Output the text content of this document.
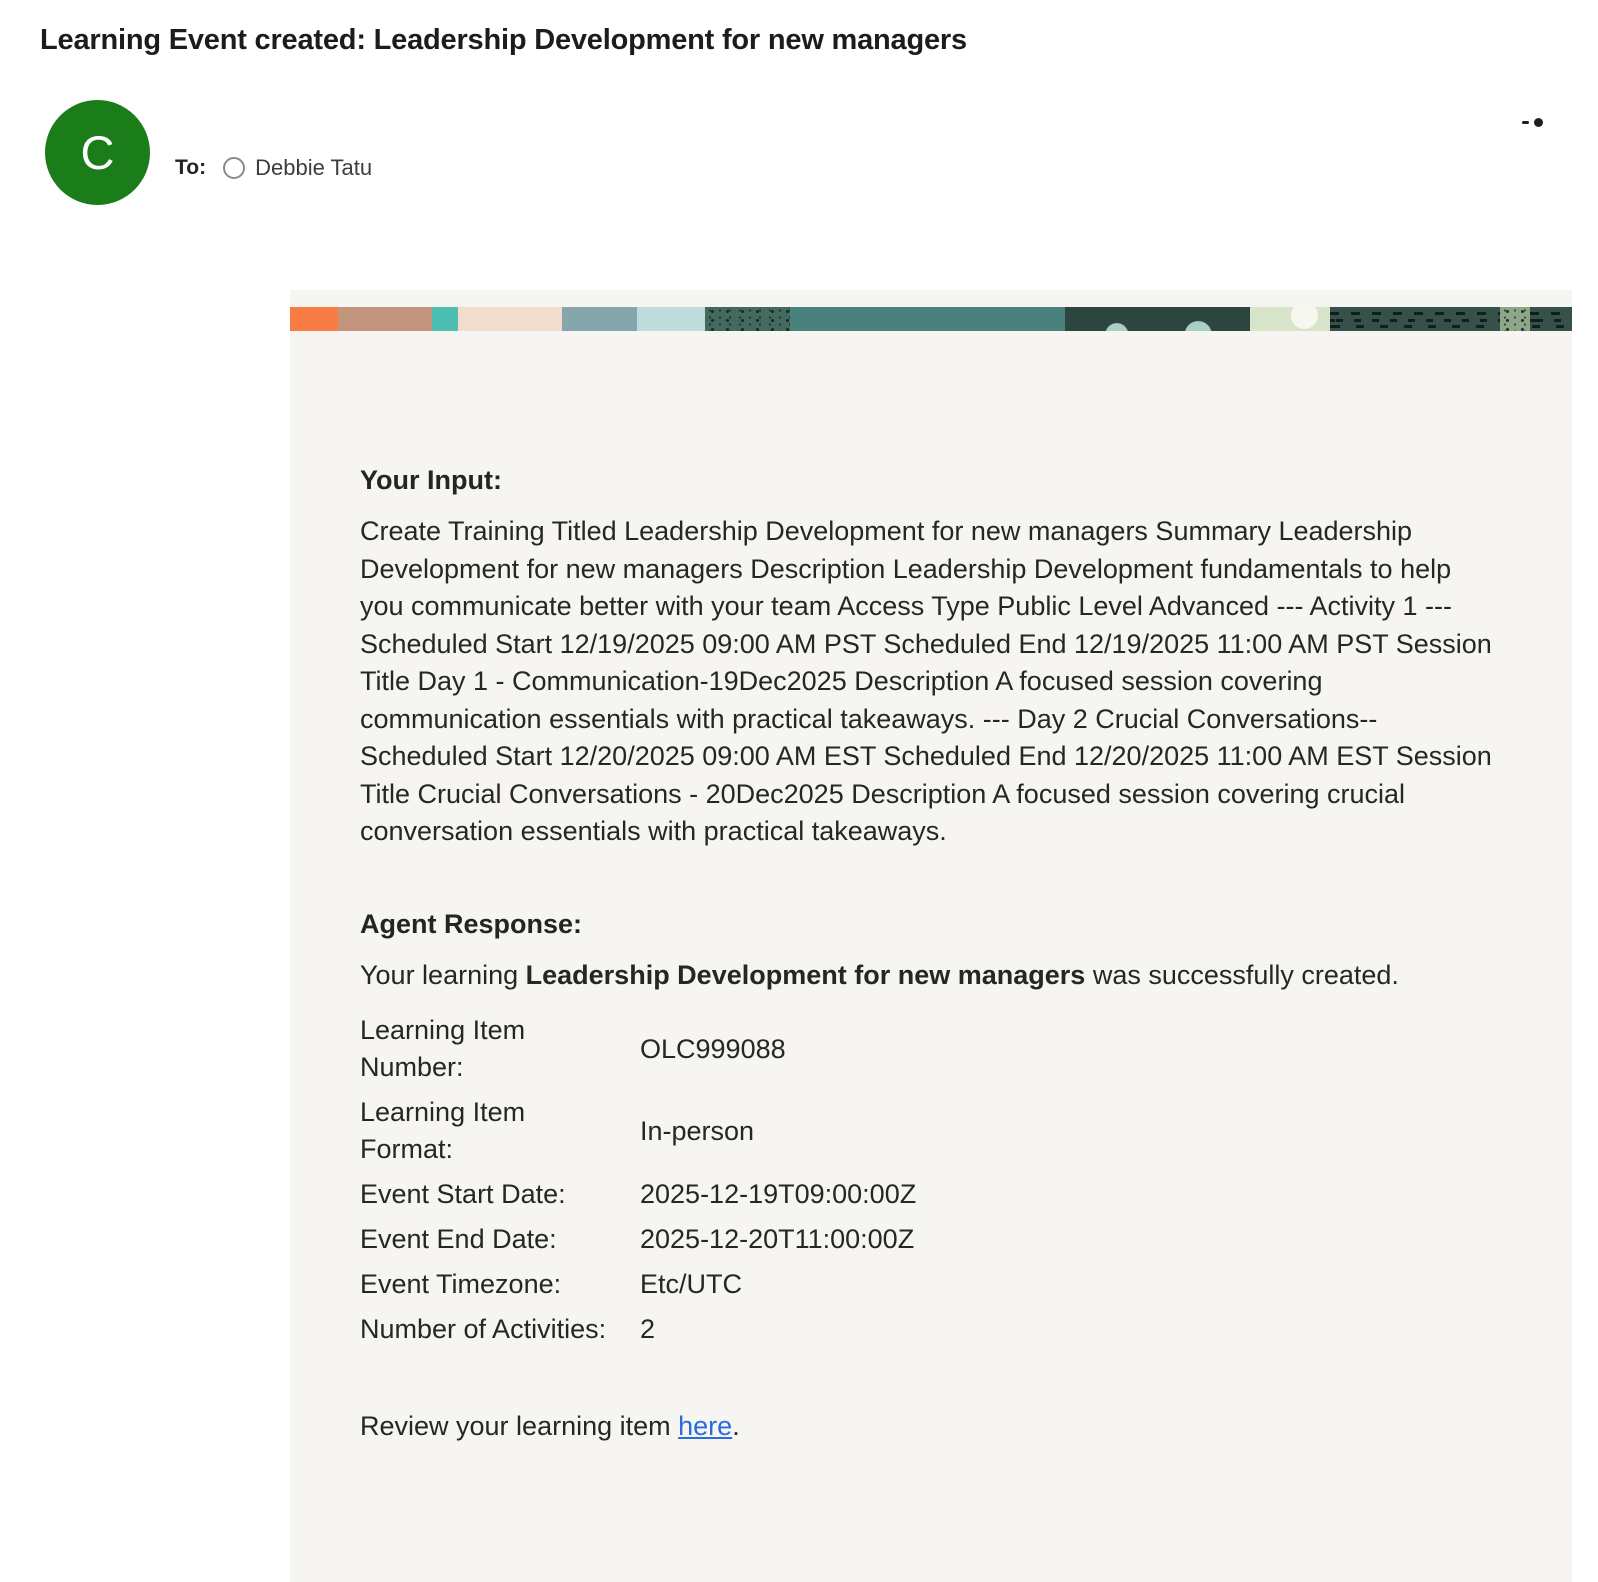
Learning Event created: Leadership Development for new managers
C	To: Debbie Tatu
Your Input:

Create Training Titled Leadership Development for new managers Summary Leadership Development for new managers Description Leadership Development fundamentals to help you communicate better with your team Access Type Public Level Advanced --- Activity 1 --- Scheduled Start 12/19/2025 09:00 AM PST Scheduled End 12/19/2025 11:00 AM PST Session Title Day 1 - Communication-19Dec2025 Description A focused session covering communication essentials with practical takeaways. --- Day 2 Crucial Conversations-- Scheduled Start 12/20/2025 09:00 AM EST Scheduled End 12/20/2025 11:00 AM EST Session Title Crucial Conversations - 20Dec2025 Description A focused session covering crucial conversation essentials with practical takeaways.

Agent Response:

Your learning Leadership Development for new managers was successfully created.

Learning Item Number:	OLC999088
Learning Item Format:	In-person
Event Start Date:	2025-12-19T09:00:00Z
Event End Date:	2025-12-20T11:00:00Z
Event Timezone:	Etc/UTC
Number of Activities:	2

Review your learning item here.
